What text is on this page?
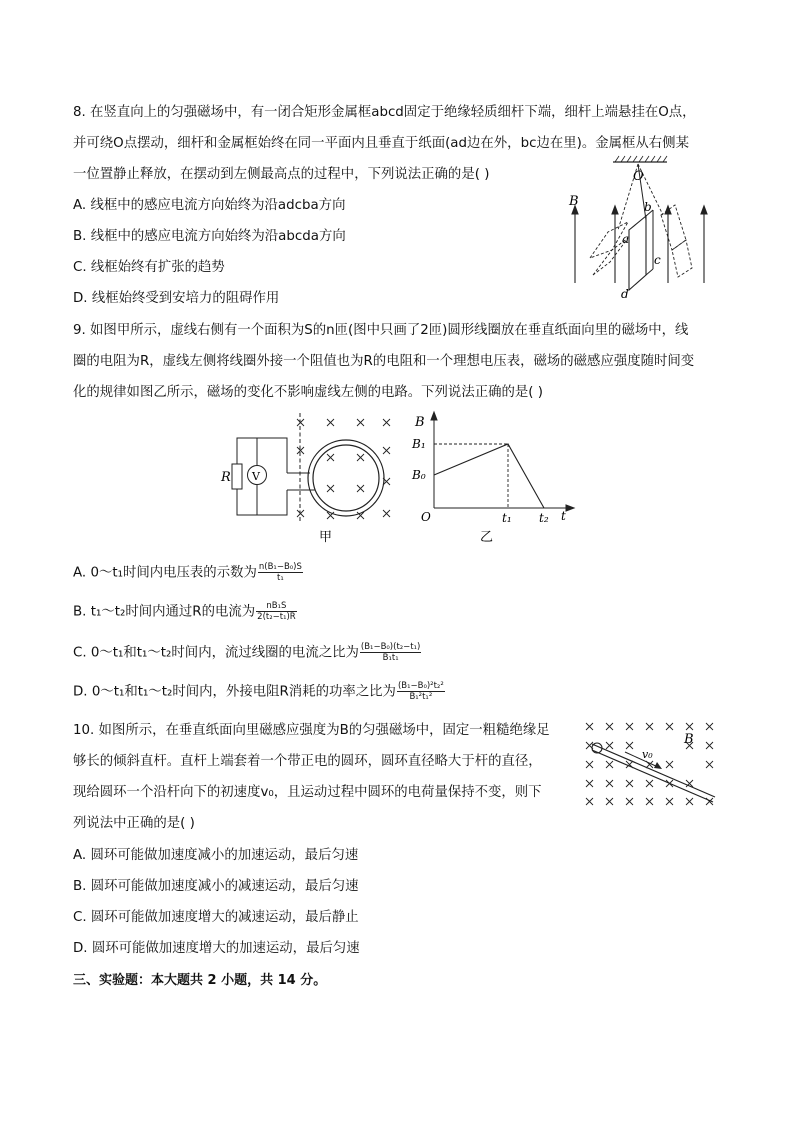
8. 在竖直向上的匀强磁场中，有一闭合矩形金属框abcd固定于绝缘轻质细杆下端，细杆上端悬挂在O点，
并可绕O点摆动，细杆和金属框始终在同一平面内且垂直于纸面(ad边在外，bc边在里)。金属框从右侧某
一位置静止释放，在摆动到左侧最高点的过程中，下列说法正确的是( )
A. 线框中的感应电流方向始终为沿adcba方向
B. 线框中的感应电流方向始终为沿abcda方向
C. 线框始终有扩张的趋势
D. 线框始终受到安培力的阻碍作用
O
B
a
b
c
d
9. 如图甲所示，虚线右侧有一个面积为S的n匝(图中只画了2匝)圆形线圈放在垂直纸面向里的磁场中，线
圈的电阻为R，虚线左侧将线圈外接一个阻值也为R的电阻和一个理想电压表，磁场的磁感应强度随时间变
化的规律如图乙所示，磁场的变化不影响虚线左侧的电路。下列说法正确的是( )
R V
甲
B
B₁
B₀
O	t₁ t₂ t
乙
A. 0～t₁时间内电压表的示数为 $\frac{\text{n(B₁−B₀)S}}{\text{t₁}}$
B. t₁～t₂时间内通过R的电流为 $\frac{\text{nB₁S}}{\text{2(t₂−t₁)R}}$
C. 0～t₁和t₁～t₂时间内，流过线圈的电流之比为 $\frac{\text{(B₁−B₀)(t₂−t₁)}}{\text{B₁t₁}}$
D. 0～t₁和t₁～t₂时间内，外接电阻R消耗的功率之比为 $\frac{\text{(B₁−B₀)²t₂²}}{\text{B₁²t₁²}}$
10. 如图所示，在垂直纸面向里磁感应强度为B的匀强磁场中，固定一粗糙绝缘足
够长的倾斜直杆。直杆上端套着一个带正电的圆环，圆环直径略大于杆的直径，
现给圆环一个沿杆向下的初速度v₀，且运动过程中圆环的电荷量保持不变，则下
列说法中正确的是( )
A. 圆环可能做加速度减小的加速运动，最后匀速
B. 圆环可能做加速度减小的减速运动，最后匀速
C. 圆环可能做加速度增大的减速运动，最后静止
D. 圆环可能做加速度增大的加速运动，最后匀速
v₀
B
三、实验题：本大题共 2 小题，共 14 分。
